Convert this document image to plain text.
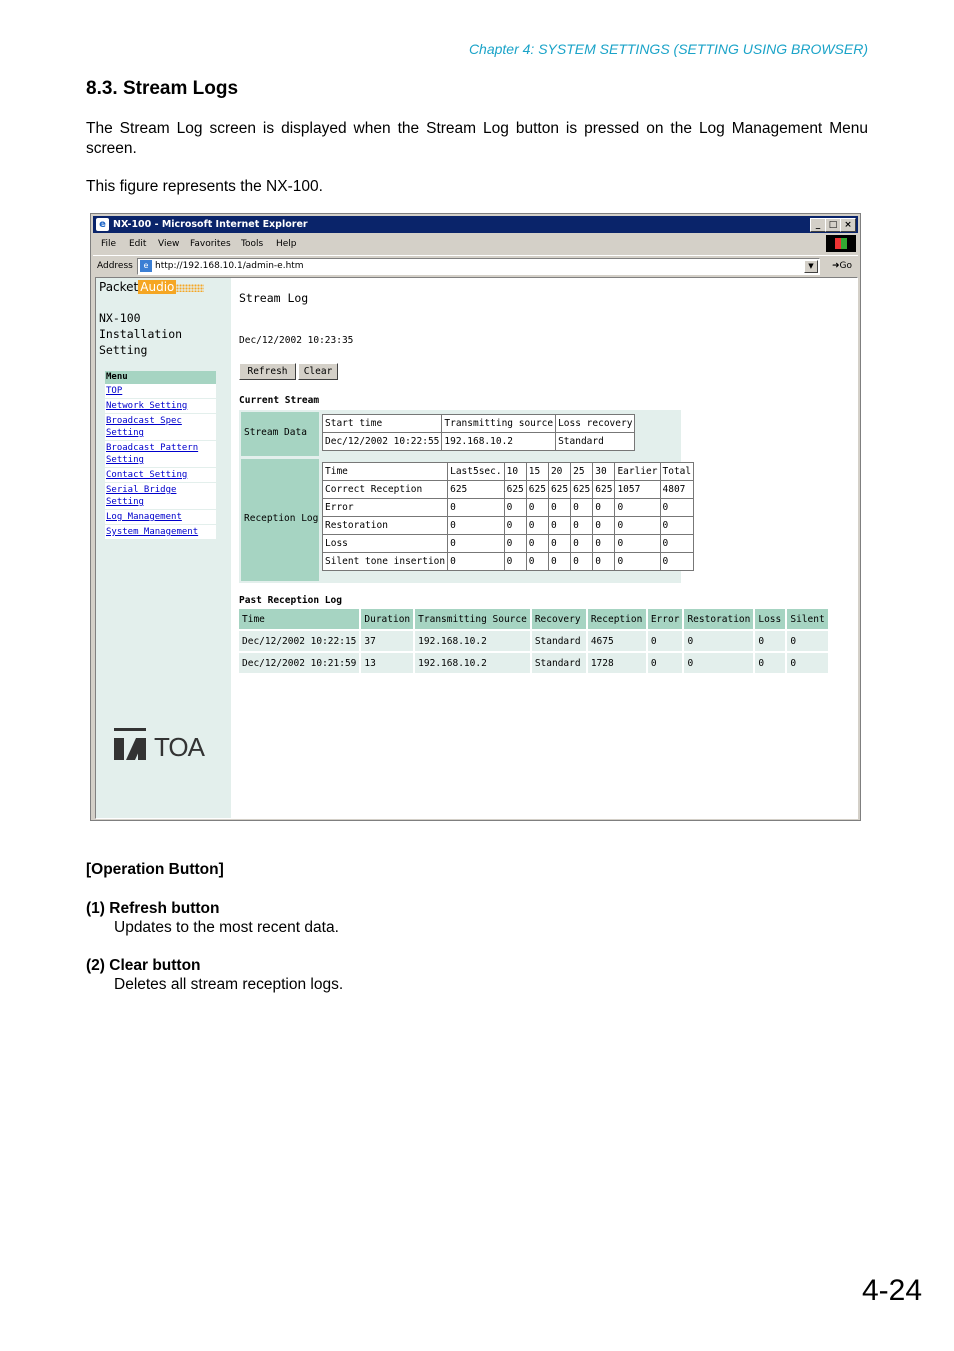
Chapter 4: SYSTEM SETTINGS (SETTING USING BROWSER)
8.3. Stream Logs
The Stream Log screen is displayed when the Stream Log button is pressed on the Log Management Menu screen.
This figure represents the NX-100.
e NX-100 - Microsoft Internet Explorer	_ □ ×
File Edit View Favorites Tools Help
Address	e http://192.168.10.1/admin-e.htm	▼	➜Go
Packet Audio
NX-100
Installation Setting
Menu
TOP
Network Setting
Broadcast Spec Setting
Broadcast Pattern Setting
Contact Setting
Serial Bridge Setting
Log Management
System Management
TOA
Stream Log
Dec/12/2002 10:23:35
Refresh	Clear
Current Stream
Stream Data
Start time	Transmitting source	Loss recovery
Dec/12/2002 10:22:55	192.168.10.2	Standard
Reception Log
Time	Last5sec.	10	15	20	25	30	Earlier	Total
Correct Reception	625	625	625	625	625	625	1057	4807
Error	0	0	0	0	0	0	0	0
Restoration	0	0	0	0	0	0	0	0
Loss	0	0	0	0	0	0	0	0
Silent tone insertion	0	0	0	0	0	0	0	0
Past Reception Log
Time	Duration	Transmitting Source	Recovery	Reception	Error	Restoration	Loss	Silent
Dec/12/2002 10:22:15	37	192.168.10.2	Standard	4675	0	0	0	0
Dec/12/2002 10:21:59	13	192.168.10.2	Standard	1728	0	0	0	0
[Operation Button]
(1) Refresh button
Updates to the most recent data.
(2) Clear button
Deletes all stream reception logs.
4-24
